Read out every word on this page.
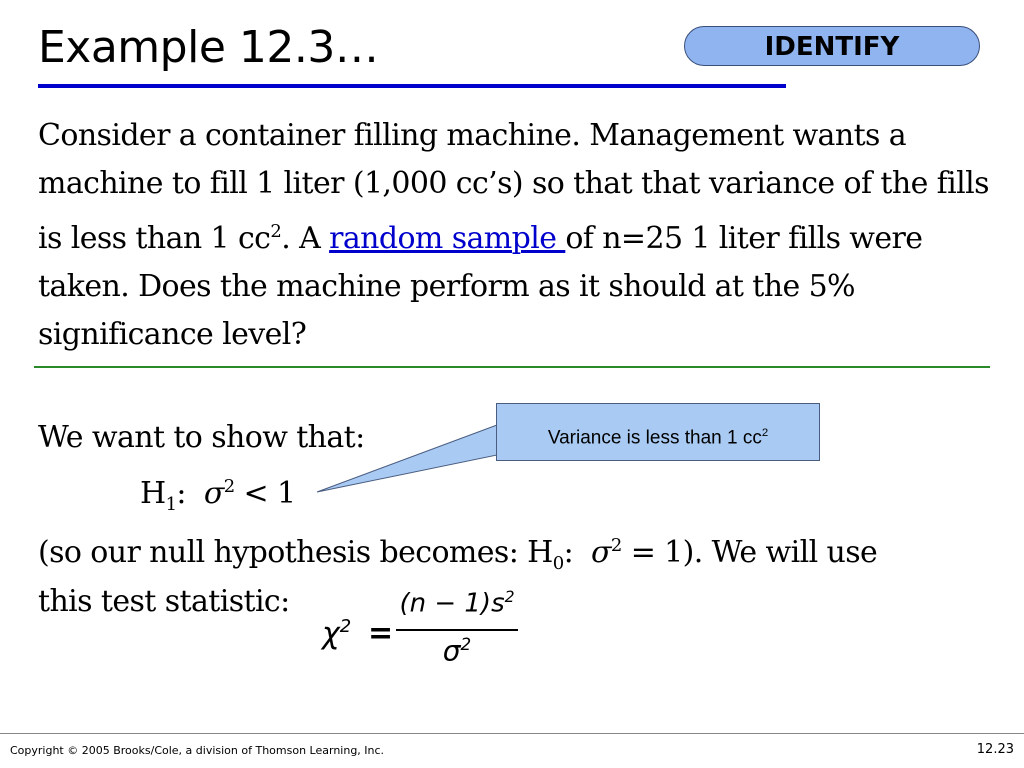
Example 12.3…	IDENTIFY
Consider a container filling machine. Management wants a machine to fill 1 liter (1,000 cc’s) so that that variance of the fills is less than 1 $cc^2$. A random sample of n=25 1 liter fills were taken. Does the machine perform as it should at the 5% significance level?
Variance is less than 1 $cc^2$
We want to show that:
$H_1$: $\sigma^2 < 1$
(so our null hypothesis becomes: $H_0$: $\sigma^2 = 1$). We will use
this test statistic:
$\chi^2$ =
$(n - 1)s^2$
$\sigma^2$
Copyright © 2005 Brooks/Cole, a division of Thomson Learning, Inc.	12.23
